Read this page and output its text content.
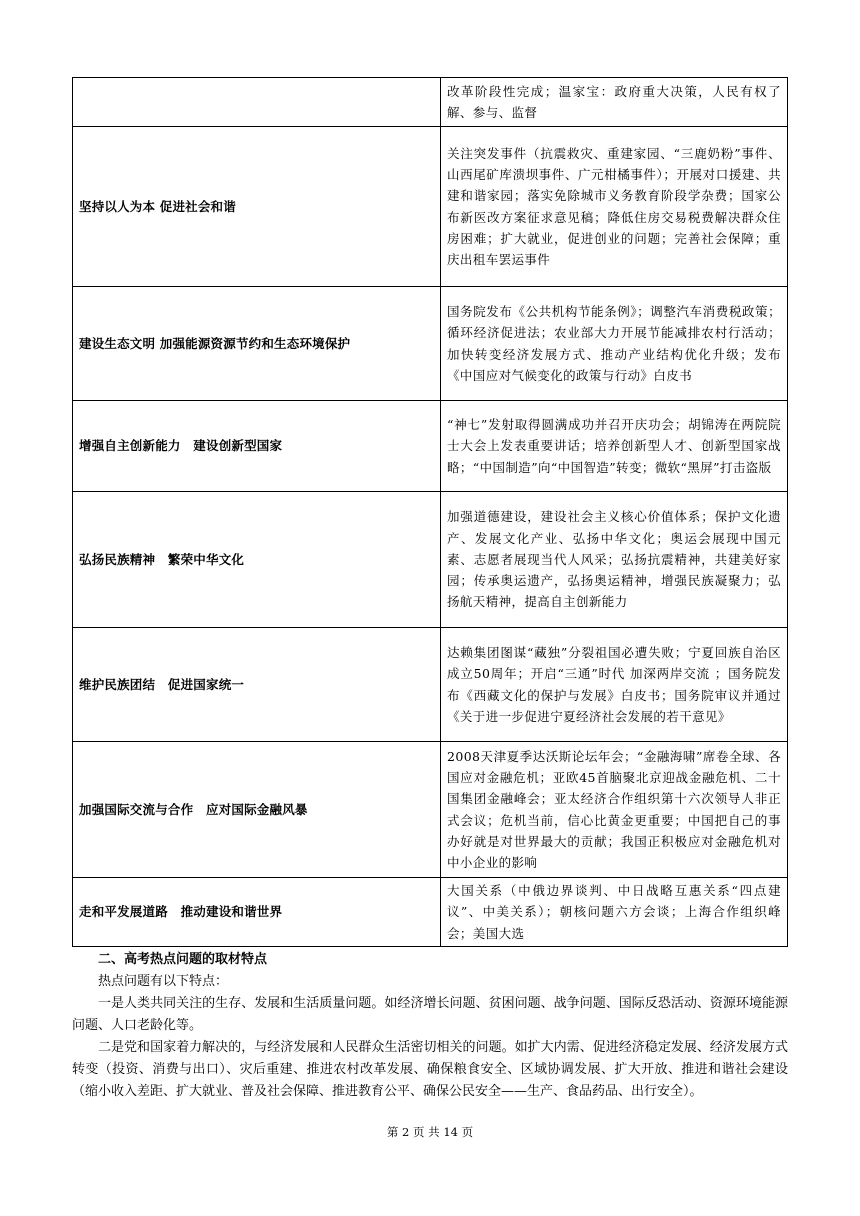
	改革阶段性完成；温家宝：政府重大决策，人民有权了解、参与、监督
坚持以人为本 促进社会和谐	关注突发事件（抗震救灾、重建家园、“三鹿奶粉”事件、山西尾矿库溃坝事件、广元柑橘事件）；开展对口援建、共建和谐家园；落实免除城市义务教育阶段学杂费；国家公布新医改方案征求意见稿；降低住房交易税费解决群众住房困难；扩大就业，促进创业的问题；完善社会保障；重庆出租车罢运事件
建设生态文明 加强能源资源节约和生态环境保护	国务院发布《公共机构节能条例》；调整汽车消费税政策；循环经济促进法；农业部大力开展节能减排农村行活动；加快转变经济发展方式、推动产业结构优化升级；发布《中国应对气候变化的政策与行动》白皮书
增强自主创新能力　建设创新型国家	“神七”发射取得圆满成功并召开庆功会；胡锦涛在两院院士大会上发表重要讲话；培养创新型人才、创新型国家战略；“中国制造”向“中国智造”转变；微软“黑屏”打击盗版
弘扬民族精神　繁荣中华文化	加强道德建设，建设社会主义核心价值体系；保护文化遗产、发展文化产业、弘扬中华文化；奥运会展现中国元素、志愿者展现当代人风采；弘扬抗震精神，共建美好家园；传承奥运遗产，弘扬奥运精神，增强民族凝聚力；弘扬航天精神，提高自主创新能力
维护民族团结　促进国家统一	达赖集团图谋“藏独”分裂祖国必遭失败；宁夏回族自治区成立50周年；开启“三通”时代 加深两岸交流 ；国务院发布《西藏文化的保护与发展》白皮书；国务院审议并通过《关于进一步促进宁夏经济社会发展的若干意见》
加强国际交流与合作　应对国际金融风暴	2008天津夏季达沃斯论坛年会；“金融海啸”席卷全球、各国应对金融危机；亚欧45首脑聚北京迎战金融危机、二十国集团金融峰会；亚太经济合作组织第十六次领导人非正式会议；危机当前，信心比黄金更重要；中国把自己的事办好就是对世界最大的贡献；我国正积极应对金融危机对中小企业的影响
走和平发展道路　推动建设和谐世界	大国关系（中俄边界谈判、中日战略互惠关系“四点建议”、中美关系）；朝核问题六方会谈；上海合作组织峰会；美国大选

二、高考热点问题的取材特点

热点问题有以下特点：

一是人类共同关注的生存、发展和生活质量问题。如经济增长问题、贫困问题、战争问题、国际反恐活动、资源环境能源问题、人口老龄化等。

二是党和国家着力解决的，与经济发展和人民群众生活密切相关的问题。如扩大内需、促进经济稳定发展、经济发展方式转变（投资、消费与出口）、灾后重建、推进农村改革发展、确保粮食安全、区域协调发展、扩大开放、推进和谐社会建设（缩小收入差距、扩大就业、普及社会保障、推进教育公平、确保公民安全——生产、食品药品、出行安全）。

第 2 页 共 14 页
